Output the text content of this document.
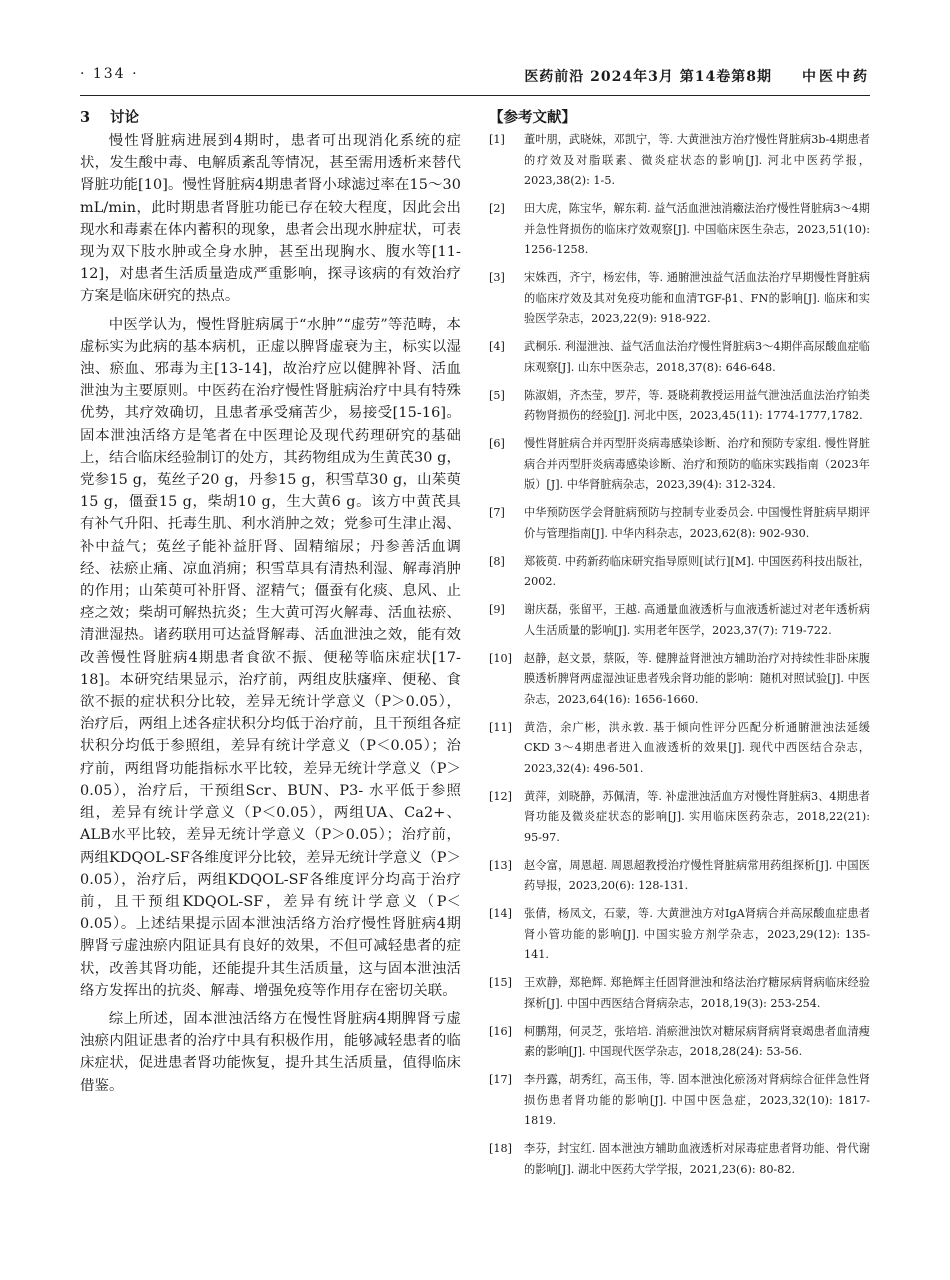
· 134 ·	医药前沿 2024年3月 第14卷第8期 中医中药
3 讨论

慢性肾脏病进展到4期时，患者可出现消化系统的症状，发生酸中毒、电解质紊乱等情况，甚至需用透析来替代肾脏功能[10]。慢性肾脏病4期患者肾小球滤过率在15～30 mL/min，此时期患者肾脏功能已存在较大程度，因此会出现水和毒素在体内蓄积的现象，患者会出现水肿症状，可表现为双下肢水肿或全身水肿，甚至出现胸水、腹水等[11-12]，对患者生活质量造成严重影响，探寻该病的有效治疗方案是临床研究的热点。

中医学认为，慢性肾脏病属于“水肿”“虚劳”等范畴，本虚标实为此病的基本病机，正虚以脾肾虚衰为主，标实以湿浊、瘀血、邪毒为主[13-14]，故治疗应以健脾补肾、活血泄浊为主要原则。中医药在治疗慢性肾脏病治疗中具有特殊优势，其疗效确切，且患者承受痛苦少，易接受[15-16]。固本泄浊活络方是笔者在中医理论及现代药理研究的基础上，结合临床经验制订的处方，其药物组成为生黄芪30 g，党参15 g，菟丝子20 g，丹参15 g，积雪草30 g，山茱萸15 g，僵蚕15 g，柴胡10 g，生大黄6 g。该方中黄芪具有补气升阳、托毒生肌、利水消肿之效；党参可生津止渴、补中益气；菟丝子能补益肝肾、固精缩尿；丹参善活血调经、祛瘀止痛、凉血消痈；积雪草具有清热利湿、解毒消肿的作用；山茱萸可补肝肾、涩精气；僵蚕有化痰、息风、止痉之效；柴胡可解热抗炎；生大黄可泻火解毒、活血祛瘀、清泄湿热。诸药联用可达益肾解毒、活血泄浊之效，能有效改善慢性肾脏病4期患者食欲不振、便秘等临床症状[17-18]。本研究结果显示，治疗前，两组皮肤瘙痒、便秘、食欲不振的症状积分比较，差异无统计学意义（P＞0.05），治疗后，两组上述各症状积分均低于治疗前，且干预组各症状积分均低于参照组，差异有统计学意义（P＜0.05）；治疗前，两组肾功能指标水平比较，差异无统计学意义（P＞0.05），治疗后，干预组Scr、BUN、P3- 水平低于参照组，差异有统计学意义（P＜0.05），两组UA、Ca2+、ALB水平比较，差异无统计学意义（P＞0.05）；治疗前，两组KDQOL-SF各维度评分比较，差异无统计学意义（P＞0.05），治疗后，两组KDQOL-SF各维度评分均高于治疗前，且干预组KDQOL-SF，差异有统计学意义（P＜0.05）。上述结果提示固本泄浊活络方治疗慢性肾脏病4期脾肾亏虚浊瘀内阻证具有良好的效果，不但可减轻患者的症状，改善其肾功能，还能提升其生活质量，这与固本泄浊活络方发挥出的抗炎、解毒、增强免疫等作用存在密切关联。

综上所述，固本泄浊活络方在慢性肾脏病4期脾肾亏虚浊瘀内阻证患者的治疗中具有积极作用，能够减轻患者的临床症状，促进患者肾功能恢复，提升其生活质量，值得临床借鉴。

【参考文献】
[1] 董叶朋，武晓妹，邓凯宁，等. 大黄泄浊方治疗慢性肾脏病3b-4期患者的疗效及对脂联素、微炎症状态的影响[J]. 河北中医药学报，2023,38(2): 1-5.
[2] 田大虎，陈宝华，解东莉. 益气活血泄浊消癥法治疗慢性肾脏病3～4期并急性肾损伤的临床疗效观察[J]. 中国临床医生杂志，2023,51(10): 1256-1258.
[3] 宋姝西，齐宁，杨宏伟，等. 通腑泄浊益气活血法治疗早期慢性肾脏病的临床疗效及其对免疫功能和血清TGF-β1、FN的影响[J]. 临床和实验医学杂志，2023,22(9): 918-922.
[4] 武桐乐. 利湿泄浊、益气活血法治疗慢性肾脏病3～4期伴高尿酸血症临床观察[J]. 山东中医杂志，2018,37(8): 646-648.
[5] 陈淑娟，齐杰莹，罗芹，等. 聂晓莉教授运用益气泄浊活血法治疗铂类药物肾损伤的经验[J]. 河北中医，2023,45(11): 1774-1777,1782.
[6] 慢性肾脏病合并丙型肝炎病毒感染诊断、治疗和预防专家组. 慢性肾脏病合并丙型肝炎病毒感染诊断、治疗和预防的临床实践指南（2023年版）[J]. 中华肾脏病杂志，2023,39(4): 312-324.
[7] 中华预防医学会肾脏病预防与控制专业委员会. 中国慢性肾脏病早期评价与管理指南[J]. 中华内科杂志，2023,62(8): 902-930.
[8] 郑筱萸. 中药新药临床研究指导原则[试行][M]. 中国医药科技出版社，2002.
[9] 谢庆磊，张留平，王越. 高通量血液透析与血液透析滤过对老年透析病人生活质量的影响[J]. 实用老年医学，2023,37(7): 719-722.
[10] 赵静，赵文景，蔡阪，等. 健脾益肾泄浊方辅助治疗对持续性非卧床腹膜透析脾肾两虚湿浊证患者残余肾功能的影响：随机对照试验[J]. 中医杂志，2023,64(16): 1656-1660.
[11] 黄浩，余广彬，洪永敦. 基于倾向性评分匹配分析通腑泄浊法延缓CKD 3～4期患者进入血液透析的效果[J]. 现代中西医结合杂志，2023,32(4): 496-501.
[12] 黄萍，刘晓静，苏佩清，等. 补虚泄浊活血方对慢性肾脏病3、4期患者肾功能及微炎症状态的影响[J]. 实用临床医药杂志，2018,22(21): 95-97.
[13] 赵令富，周恩超. 周恩超教授治疗慢性肾脏病常用药组探析[J]. 中国医药导报，2023,20(6): 128-131.
[14] 张倩，杨凤文，石蒙，等. 大黄泄浊方对IgA肾病合并高尿酸血症患者肾小管功能的影响[J]. 中国实验方剂学杂志，2023,29(12): 135-141.
[15] 王欢静，郑艳辉. 郑艳辉主任固肾泄浊和络法治疗糖尿病肾病临床经验探析[J]. 中国中西医结合肾病杂志，2018,19(3): 253-254.
[16] 柯鹏翔，何灵芝，张培培. 消瘀泄浊饮对糖尿病肾病肾衰竭患者血清瘦素的影响[J]. 中国现代医学杂志，2018,28(24): 53-56.
[17] 李丹露，胡秀红，高玉伟，等. 固本泄浊化瘀汤对肾病综合征伴急性肾损伤患者肾功能的影响[J]. 中国中医急症，2023,32(10): 1817-1819.
[18] 李芬，封宝红. 固本泄浊方辅助血液透析对尿毒症患者肾功能、骨代谢的影响[J]. 湖北中医药大学学报，2021,23(6): 80-82.
